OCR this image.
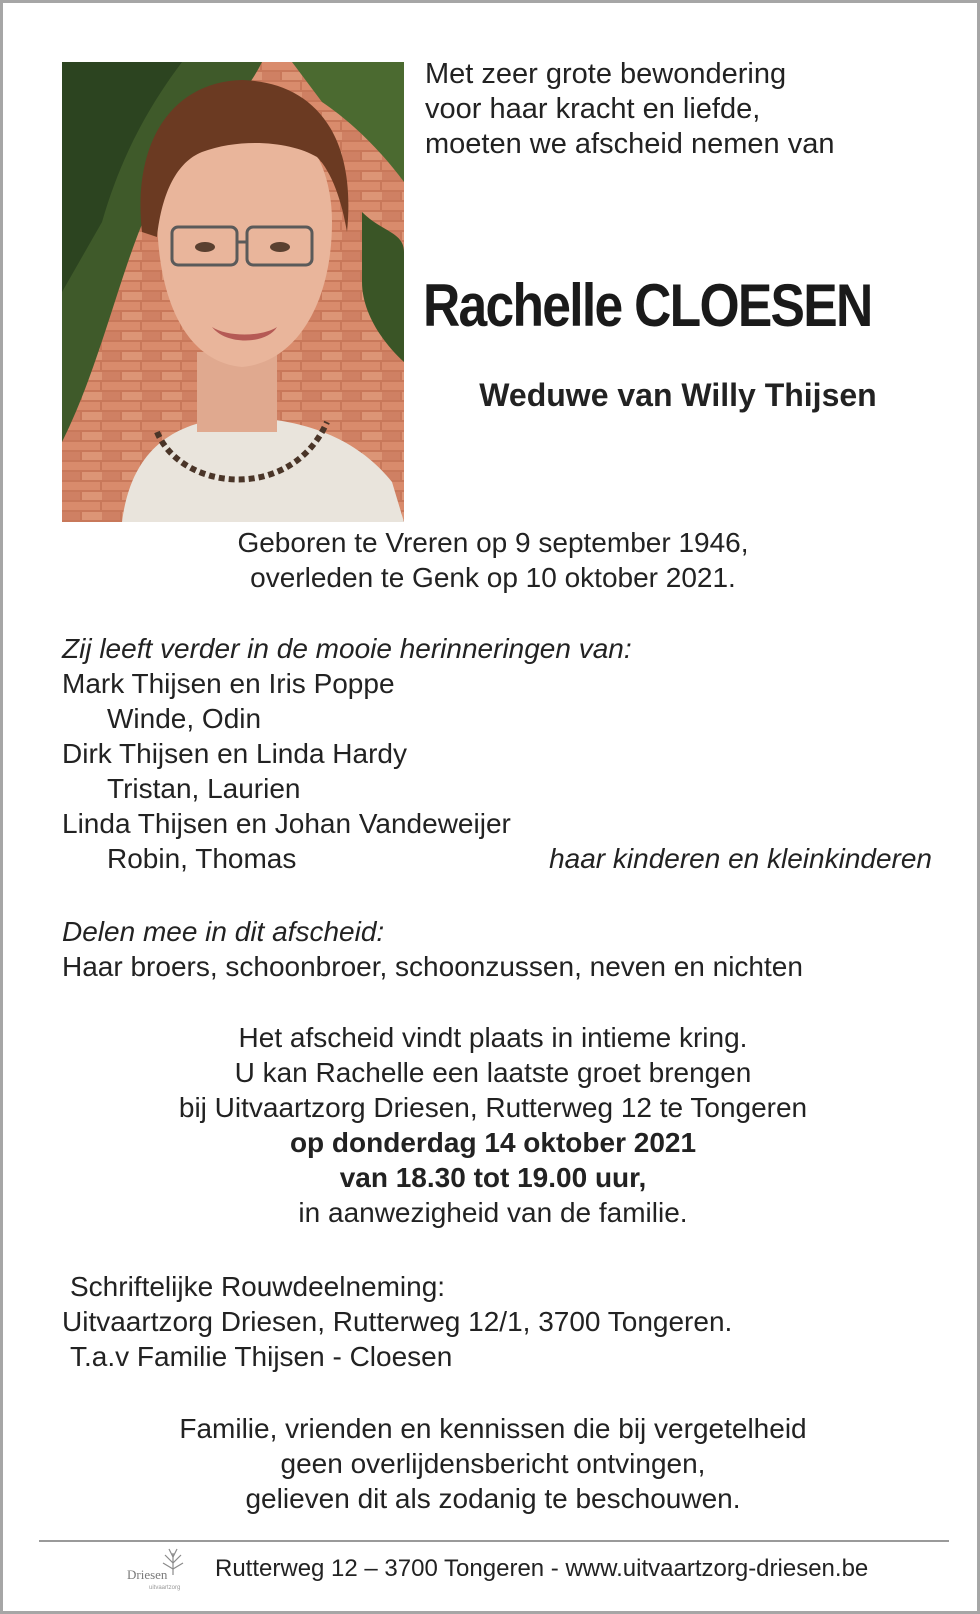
Met zeer grote bewondering
voor haar kracht en liefde,
moeten we afscheid nemen van
Rachelle CLOESEN
Weduwe van Willy Thijsen
Geboren te Vreren op 9 september 1946,
overleden te Genk op 10 oktober 2021.
Zij leeft verder in de mooie herinneringen van:
Mark Thijsen en Iris Poppe
Winde, Odin
Dirk Thijsen en Linda Hardy
Tristan, Laurien
Linda Thijsen en Johan Vandeweijer
Robin, Thomas	haar kinderen en kleinkinderen
Delen mee in dit afscheid:
Haar broers, schoonbroer, schoonzussen, neven en nichten
Het afscheid vindt plaats in intieme kring.
U kan Rachelle een laatste groet brengen
bij Uitvaartzorg Driesen, Rutterweg 12 te Tongeren
op donderdag 14 oktober 2021
van 18.30 tot 19.00 uur,
in aanwezigheid van de familie.
Schriftelijke Rouwdeelneming:
Uitvaartzorg Driesen, Rutterweg 12/1, 3700 Tongeren.
T.a.v Familie Thijsen - Cloesen
Familie, vrienden en kennissen die bij vergetelheid
geen overlijdensbericht ontvingen,
gelieven dit als zodanig te beschouwen.
Driesen
uitvaartzorg
Rutterweg 12 – 3700 Tongeren - www.uitvaartzorg-driesen.be
